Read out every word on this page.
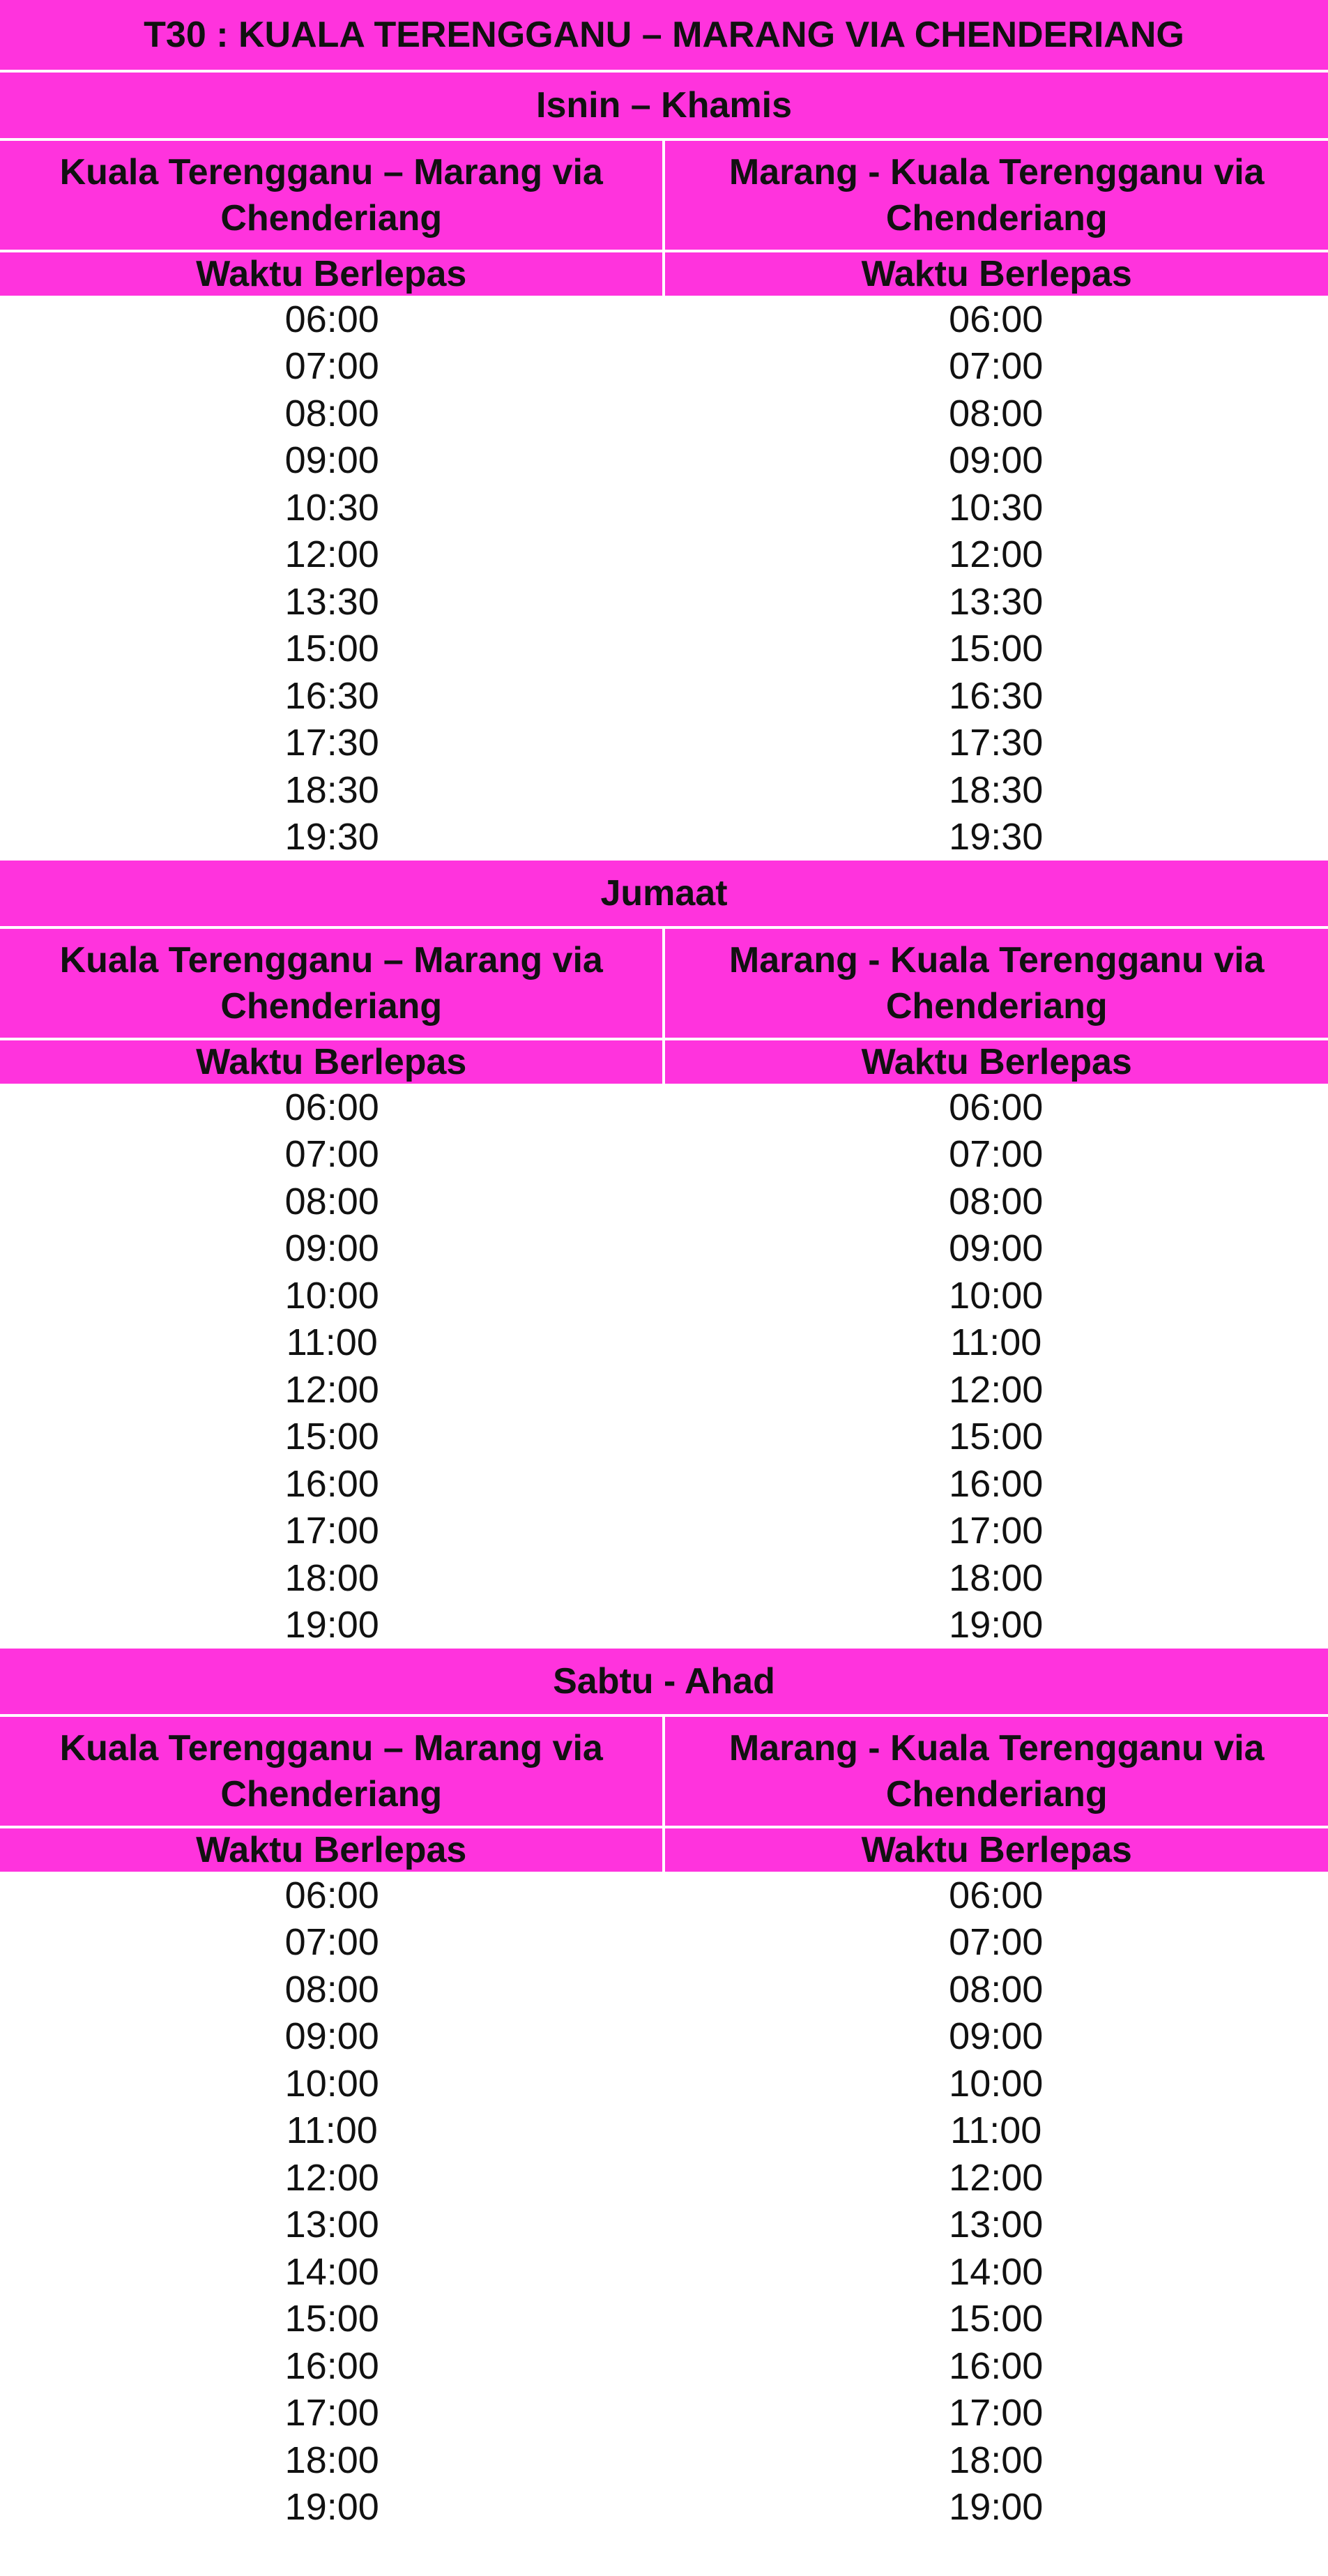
T30 : KUALA TERENGGANU – MARANG VIA CHENDERIANG	
Isnin – Khamis	
Kuala Terengganu – Marang via Chenderiang	Marang - Kuala Terengganu via Chenderiang
Waktu Berlepas	Waktu Berlepas
06:00	06:00
07:00	07:00
08:00	08:00
09:00	09:00
10:30	10:30
12:00	12:00
13:30	13:30
15:00	15:00
16:30	16:30
17:30	17:30
18:30	18:30
19:30	19:30
Jumaat	
Kuala Terengganu – Marang via Chenderiang	Marang - Kuala Terengganu via Chenderiang
Waktu Berlepas	Waktu Berlepas
06:00	06:00
07:00	07:00
08:00	08:00
09:00	09:00
10:00	10:00
11:00	11:00
12:00	12:00
15:00	15:00
16:00	16:00
17:00	17:00
18:00	18:00
19:00	19:00
Sabtu - Ahad	
Kuala Terengganu – Marang via Chenderiang	Marang - Kuala Terengganu via Chenderiang
Waktu Berlepas	Waktu Berlepas
06:00	06:00
07:00	07:00
08:00	08:00
09:00	09:00
10:00	10:00
11:00	11:00
12:00	12:00
13:00	13:00
14:00	14:00
15:00	15:00
16:00	16:00
17:00	17:00
18:00	18:00
19:00	19:00
